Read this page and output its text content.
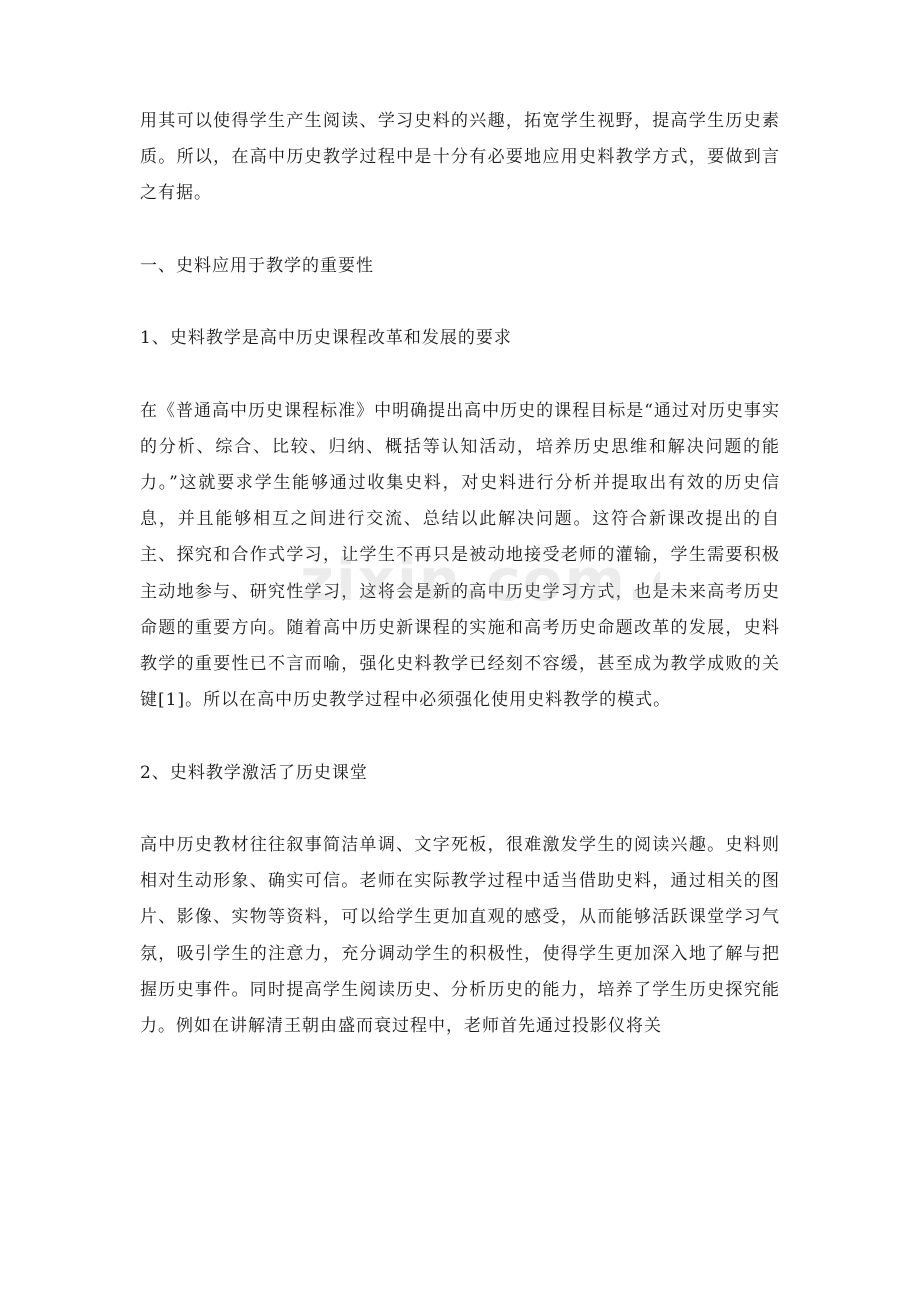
用其可以使得学生产生阅读、学习史料的兴趣，拓宽学生视野，提高学生历史素质。所以，在高中历史教学过程中是十分有必要地应用史料教学方式，要做到言之有据。

一、史料应用于教学的重要性

1、史料教学是高中历史课程改革和发展的要求

在《普通高中历史课程标准》中明确提出高中历史的课程目标是“通过对历史事实的分析、综合、比较、归纳、概括等认知活动，培养历史思维和解决问题的能力。”这就要求学生能够通过收集史料，对史料进行分析并提取出有效的历史信息，并且能够相互之间进行交流、总结以此解决问题。这符合新课改提出的自主、探究和合作式学习，让学生不再只是被动地接受老师的灌输，学生需要积极主动地参与、研究性学习，这将会是新的高中历史学习方式，也是未来高考历史命题的重要方向。随着高中历史新课程的实施和高考历史命题改革的发展，史料教学的重要性已不言而喻，强化史料教学已经刻不容缓，甚至成为教学成败的关键[1]。所以在高中历史教学过程中必须强化使用史料教学的模式。

2、史料教学激活了历史课堂

高中历史教材往往叙事简洁单调、文字死板，很难激发学生的阅读兴趣。史料则相对生动形象、确实可信。老师在实际教学过程中适当借助史料，通过相关的图片、影像、实物等资料，可以给学生更加直观的感受，从而能够活跃课堂学习气氛，吸引学生的注意力，充分调动学生的积极性，使得学生更加深入地了解与把握历史事件。同时提高学生阅读历史、分析历史的能力，培养了学生历史探究能力。例如在讲解清王朝由盛而衰过程中，老师首先通过投影仪将关

zixin.com.
